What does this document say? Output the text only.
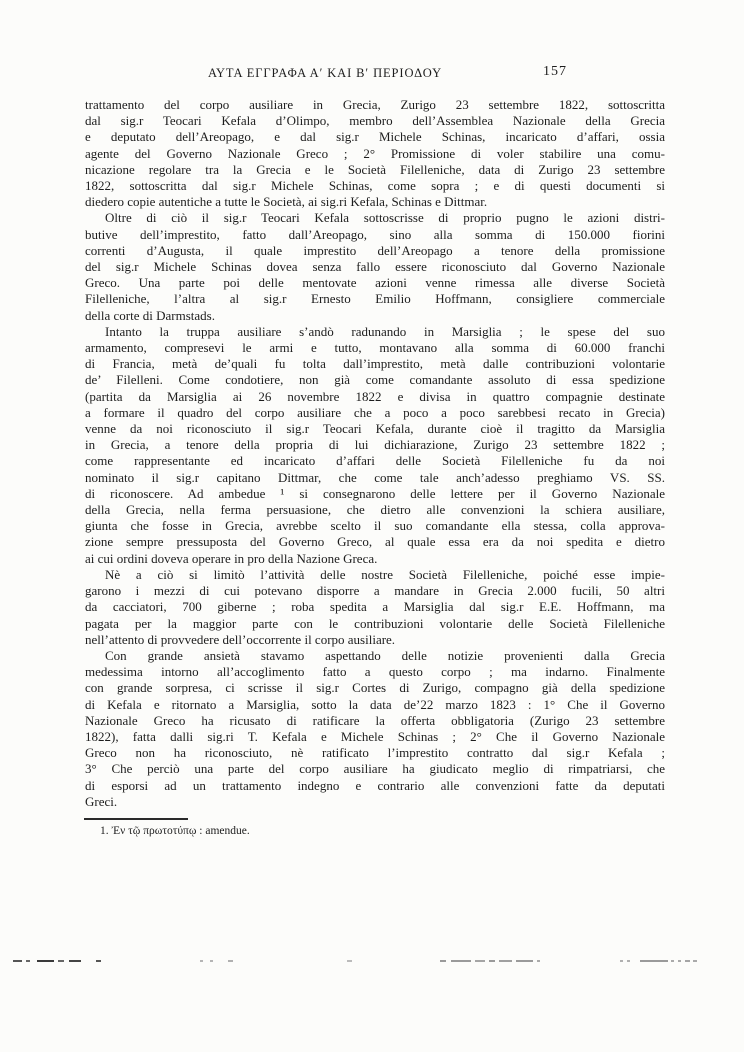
ΑΥΤΑ ΕΓΓΡΑΦΑ Α′ ΚΑΙ Β′ ΠΕΡΙΟΔΟΥ	157
trattamento del corpo ausiliare in Grecia, Zurigo 23 settembre 1822, sottoscritta
dal sig.r Teocari Kefala d’Olimpo, membro dell’Assemblea Nazionale della Grecia
e deputato dell’Areopago, e dal sig.r Michele Schinas, incaricato d’affari, ossia
agente del Governo Nazionale Greco ; 2° Promissione di voler stabilire una comu-
nicazione regolare tra la Grecia e le Società Filelleniche, data di Zurigo 23 settembre
1822, sottoscritta dal sig.r Michele Schinas, come sopra ; e di questi documenti si
diedero copie autentiche a tutte le Società, ai sig.ri Kefala, Schinas e Dittmar.
Oltre di ciò il sig.r Teocari Kefala sottoscrisse di proprio pugno le azioni distri-
butive dell’imprestito, fatto dall’Areopago, sino alla somma di 150.000 fiorini
correnti d’Augusta, il quale imprestito dell’Areopago a tenore della promissione
del sig.r Michele Schinas dovea senza fallo essere riconosciuto dal Governo Nazionale
Greco. Una parte poi delle mentovate azioni venne rimessa alle diverse Società
Filelleniche, l’altra al sig.r Ernesto Emilio Hoffmann, consigliere commerciale
della corte di Darmstads.
Intanto la truppa ausiliare s’andò radunando in Marsiglia ; le spese del suo
armamento, compresevi le armi e tutto, montavano alla somma di 60.000 franchi
di Francia, metà de’quali fu tolta dall’imprestito, metà dalle contribuzioni volontarie
de’ Filelleni. Come condotiere, non già come comandante assoluto di essa spedizione
(partita da Marsiglia ai 26 novembre 1822 e divisa in quattro compagnie destinate
a formare il quadro del corpo ausiliare che a poco a poco sarebbesi recato in Grecia)
venne da noi riconosciuto il sig.r Teocari Kefala, durante cioè il tragitto da Marsiglia
in Grecia, a tenore della propria di lui dichiarazione, Zurigo 23 settembre 1822 ;
come rappresentante ed incaricato d’affari delle Società Filelleniche fu da noi
nominato il sig.r capitano Dittmar, che come tale anch’adesso preghiamo VS. SS.
di riconoscere. Ad ambedue ¹ si consegnarono delle lettere per il Governo Nazionale
della Grecia, nella ferma persuasione, che dietro alle convenzioni la schiera ausiliare,
giunta che fosse in Grecia, avrebbe scelto il suo comandante ella stessa, colla approva-
zione sempre pressuposta del Governo Greco, al quale essa era da noi spedita e dietro
ai cui ordini doveva operare in pro della Nazione Greca.
Nè a ciò si limitò l’attività delle nostre Società Filelleniche, poiché esse impie-
garono i mezzi di cui potevano disporre a mandare in Grecia 2.000 fucili, 50 altri
da cacciatori, 700 giberne ; roba spedita a Marsiglia dal sig.r E.E. Hoffmann, ma
pagata per la maggior parte con le contribuzioni volontarie delle Società Filelleniche
nell’attento di provvedere dell’occorrente il corpo ausiliare.
Con grande ansietà stavamo aspettando delle notizie provenienti dalla Grecia
medessima intorno all’accoglimento fatto a questo corpo ; ma indarno. Finalmente
con grande sorpresa, ci scrisse il sig.r Cortes di Zurigo, compagno già della spedizione
di Kefala e ritornato a Marsiglia, sotto la data de’22 marzo 1823 : 1° Che il Governo
Nazionale Greco ha ricusato di ratificare la offerta obbligatoria (Zurigo 23 settembre
1822), fatta dalli sig.ri T. Kefala e Michele Schinas ; 2° Che il Governo Nazionale
Greco non ha riconosciuto, nè ratificato l’imprestito contratto dal sig.r Kefala ;
3° Che perciò una parte del corpo ausiliare ha giudicato meglio di rimpatriarsi, che
di esporsi ad un trattamento indegno e contrario alle convenzioni fatte da deputati
Greci.
1. Ἐν τῷ πρωτοτύπῳ : amendue.
